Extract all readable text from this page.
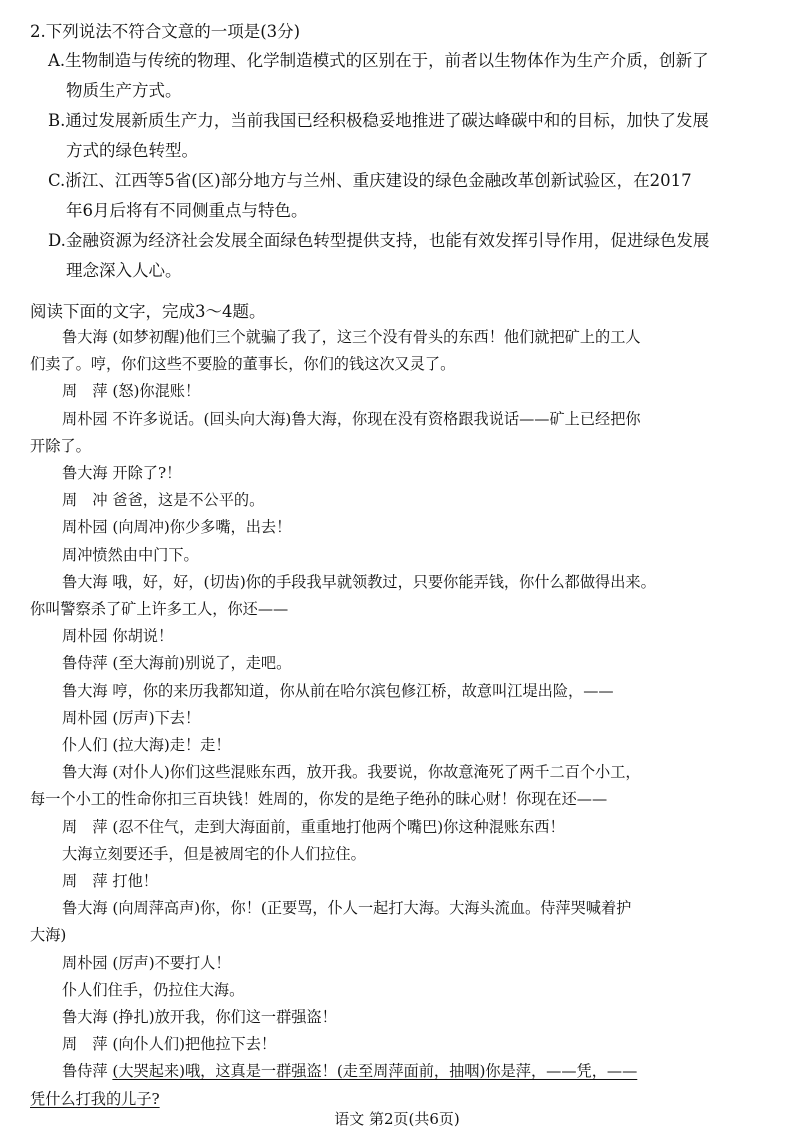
2.下列说法不符合文意的一项是(3分)
A.生物制造与传统的物理、化学制造模式的区别在于，前者以生物体作为生产介质，创新了
物质生产方式。
B.通过发展新质生产力，当前我国已经积极稳妥地推进了碳达峰碳中和的目标，加快了发展
方式的绿色转型。
C.浙江、江西等5省(区)部分地方与兰州、重庆建设的绿色金融改革创新试验区，在2017
年6月后将有不同侧重点与特色。
D.金融资源为经济社会发展全面绿色转型提供支持，也能有效发挥引导作用，促进绿色发展
理念深入人心。
阅读下面的文字，完成3～4题。
鲁大海 (如梦初醒)他们三个就骗了我了，这三个没有骨头的东西！他们就把矿上的工人
们卖了。哼，你们这些不要脸的董事长，你们的钱这次又灵了。
周　萍 (怒)你混账！
周朴园 不许多说话。(回头向大海)鲁大海，你现在没有资格跟我说话——矿上已经把你
开除了。
鲁大海 开除了?！
周　冲 爸爸，这是不公平的。
周朴园 (向周冲)你少多嘴，出去！
周冲愤然由中门下。
鲁大海 哦，好，好，(切齿)你的手段我早就领教过，只要你能弄钱，你什么都做得出来。
你叫警察杀了矿上许多工人，你还——
周朴园 你胡说！
鲁侍萍 (至大海前)别说了，走吧。
鲁大海 哼，你的来历我都知道，你从前在哈尔滨包修江桥，故意叫江堤出险，——
周朴园 (厉声)下去！
仆人们 (拉大海)走！走！
鲁大海 (对仆人)你们这些混账东西，放开我。我要说，你故意淹死了两千二百个小工，
每一个小工的性命你扣三百块钱！姓周的，你发的是绝子绝孙的昧心财！你现在还——
周　萍 (忍不住气，走到大海面前，重重地打他两个嘴巴)你这种混账东西！
大海立刻要还手，但是被周宅的仆人们拉住。
周　萍 打他！
鲁大海 (向周萍高声)你，你！(正要骂，仆人一起打大海。大海头流血。侍萍哭喊着护
大海)
周朴园 (厉声)不要打人！
仆人们住手，仍拉住大海。
鲁大海 (挣扎)放开我，你们这一群强盗！
周　萍 (向仆人们)把他拉下去！
鲁侍萍 (大哭起来)哦，这真是一群强盗！(走至周萍面前，抽咽)你是萍，——凭，——
凭什么打我的儿子?
语文 第2页(共6页)
